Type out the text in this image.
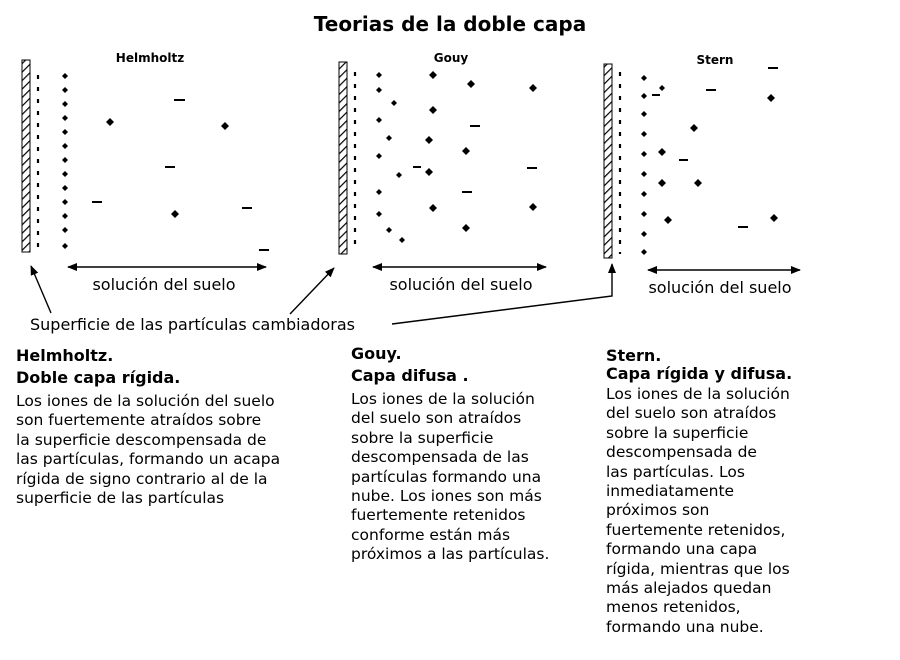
Teorias de la doble capa
Helmholtz
solución del suelo
Gouy
solución del suelo
Stern
solución del suelo
Superficie de las partículas cambiadoras
Helmholtz.
Doble capa rígida.

Los iones de la solución del suelo
son fuertemente atraídos sobre
la superficie descompensada de
las partículas, formando un acapa
rígida de signo contrario al de la
superficie de las partículas

Gouy.
Capa difusa .

Los iones de la solución
del suelo son atraídos
sobre la superficie
descompensada de las
partículas formando una
nube. Los iones son más
fuertemente retenidos
conforme están más
próximos a las partículas.

Stern.
Capa rígida y difusa.

Los iones de la solución
del suelo son atraídos
sobre la superficie
descompensada de
las partículas. Los
inmediatamente
próximos son
fuertemente retenidos,
formando una capa
rígida, mientras que los
más alejados quedan
menos retenidos,
formando una nube.
